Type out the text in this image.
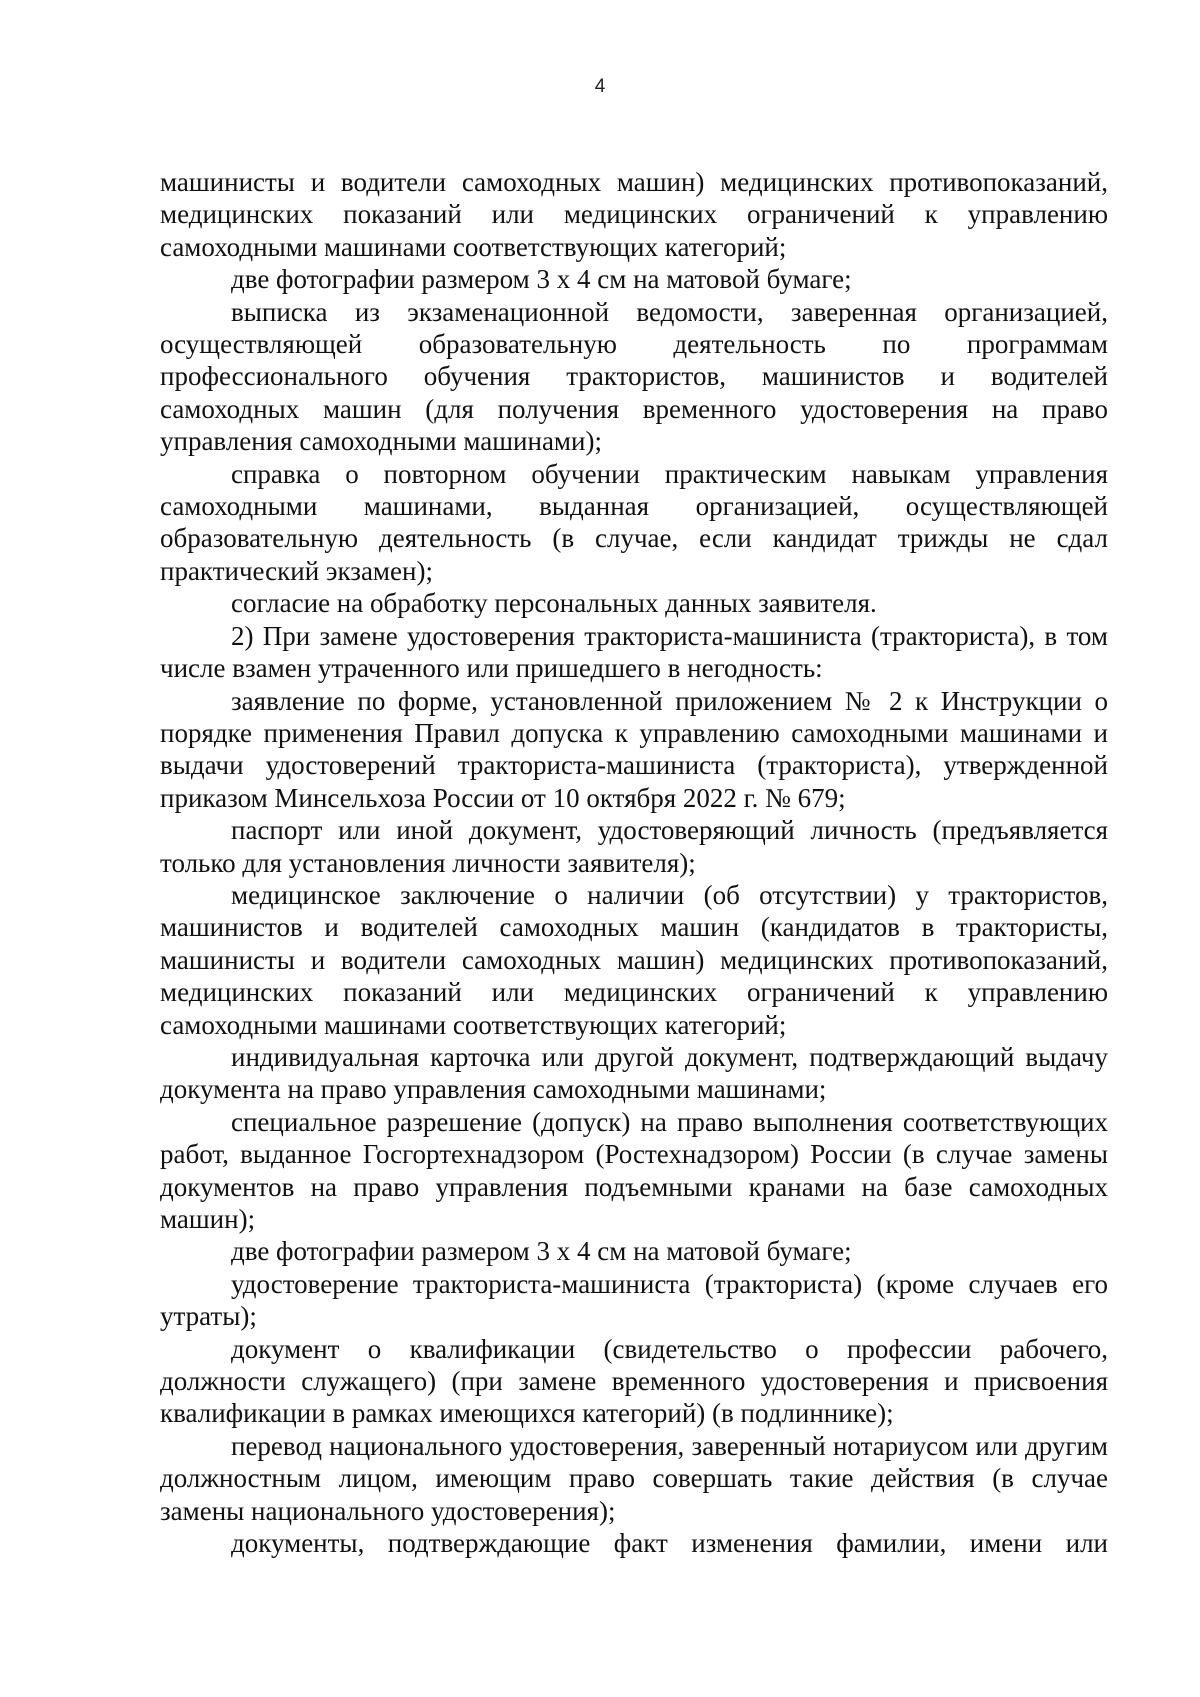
4

машинисты и водители самоходных машин) медицинских противопоказаний, медицинских показаний или медицинских ограничений к управлению самоходными машинами соответствующих категорий;

две фотографии размером 3 х 4 см на матовой бумаге;

выписка из экзаменационной ведомости, заверенная организацией, осуществляющей образовательную деятельность по программам профессионального обучения трактористов, машинистов и водителей самоходных машин (для получения временного удостоверения на право управления самоходными машинами);

справка о повторном обучении практическим навыкам управления самоходными машинами, выданная организацией, осуществляющей образовательную деятельность (в случае, если кандидат трижды не сдал практический экзамен);

согласие на обработку персональных данных заявителя.

2) При замене удостоверения тракториста-машиниста (тракториста), в том числе взамен утраченного или пришедшего в негодность:

заявление по форме, установленной приложением № 2 к Инструкции о порядке применения Правил допуска к управлению самоходными машинами и выдачи удостоверений тракториста-машиниста (тракториста), утвержденной приказом Минсельхоза России от 10 октября 2022 г. № 679;

паспорт или иной документ, удостоверяющий личность (предъявляется только для установления личности заявителя);

медицинское заключение о наличии (об отсутствии) у трактористов, машинистов и водителей самоходных машин (кандидатов в трактористы, машинисты и водители самоходных машин) медицинских противопоказаний, медицинских показаний или медицинских ограничений к управлению самоходными машинами соответствующих категорий;

индивидуальная карточка или другой документ, подтверждающий выдачу документа на право управления самоходными машинами;

специальное разрешение (допуск) на право выполнения соответствующих работ, выданное Госгортехнадзором (Ростехнадзором) России (в случае замены документов на право управления подъемными кранами на базе самоходных машин);

две фотографии размером 3 х 4 см на матовой бумаге;

удостоверение тракториста-машиниста (тракториста) (кроме случаев его утраты);

документ о квалификации (свидетельство о профессии рабочего, должности служащего) (при замене временного удостоверения и присвоения квалификации в рамках имеющихся категорий) (в подлиннике);

перевод национального удостоверения, заверенный нотариусом или другим должностным лицом, имеющим право совершать такие действия (в случае замены национального удостоверения);

документы, подтверждающие факт изменения фамилии, имени или
